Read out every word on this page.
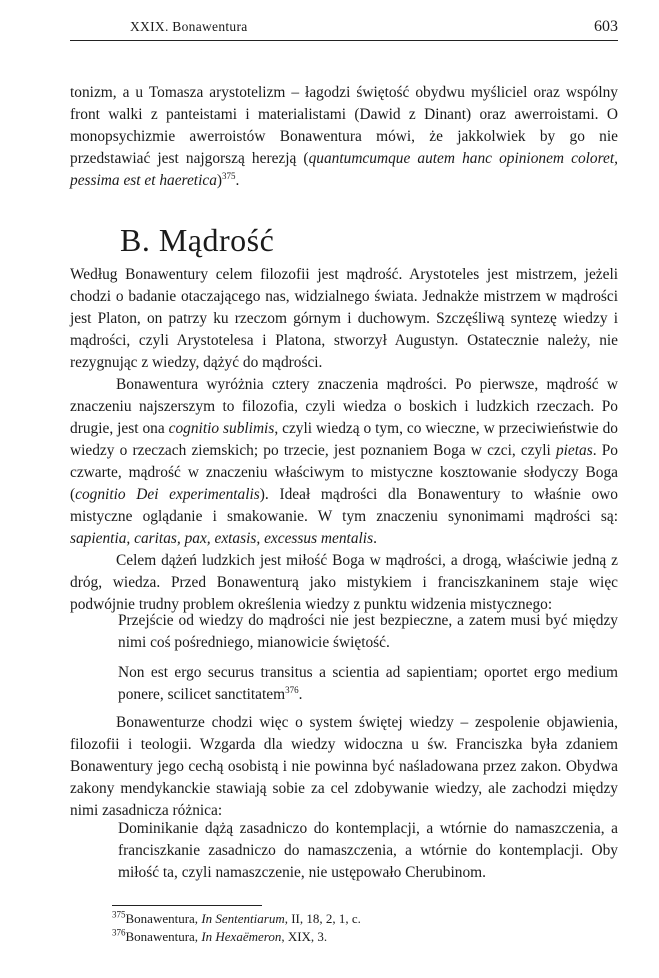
XXIX. Bonawentura	603

tonizm, a u Tomasza arystotelizm – łagodzi świętość obydwu myśliciel oraz wspólny front walki z panteistami i materialistami (Dawid z Dinant) oraz awerroistami. O monopsychizmie awerroistów Bonawentura mówi, że jakkolwiek by go nie przedstawiać jest najgorszą herezją (quantumcumque autem hanc opinionem coloret, pessima est et haeretica)$^{375}$.

B. Mądrość

Według Bonawentury celem filozofii jest mądrość. Arystoteles jest mistrzem, jeżeli chodzi o badanie otaczającego nas, widzialnego świata. Jednakże mistrzem w mądrości jest Platon, on patrzy ku rzeczom górnym i duchowym. Szczęśliwą syntezę wiedzy i mądrości, czyli Arystotelesa i Platona, stworzył Augustyn. Ostatecznie należy, nie rezygnując z wiedzy, dążyć do mądrości.

Bonawentura wyróżnia cztery znaczenia mądrości. Po pierwsze, mądrość w znaczeniu najszerszym to filozofia, czyli wiedza o boskich i ludzkich rzeczach. Po drugie, jest ona cognitio sublimis, czyli wiedzą o tym, co wieczne, w przeciwieństwie do wiedzy o rzeczach ziemskich; po trzecie, jest poznaniem Boga w czci, czyli pietas. Po czwarte, mądrość w znaczeniu właściwym to mistyczne kosztowanie słodyczy Boga (cognitio Dei experimentalis). Ideał mądrości dla Bonawentury to właśnie owo mistyczne oglądanie i smakowanie. W tym znaczeniu synonimami mądrości są: sapientia, caritas, pax, extasis, excessus mentalis.

Celem dążeń ludzkich jest miłość Boga w mądrości, a drogą, właściwie jedną z dróg, wiedza. Przed Bonawenturą jako mistykiem i franciszkaninem staje więc podwójnie trudny problem określenia wiedzy z punktu widzenia mistycznego:

Przejście od wiedzy do mądrości nie jest bezpieczne, a zatem musi być między nimi coś pośredniego, mianowicie świętość.

Non est ergo securus transitus a scientia ad sapientiam; oportet ergo medium ponere, scilicet sanctitatem$^{376}$.

Bonawenturze chodzi więc o system świętej wiedzy – zespolenie objawienia, filozofii i teologii. Wzgarda dla wiedzy widoczna u św. Franciszka była zdaniem Bonawentury jego cechą osobistą i nie powinna być naśladowana przez zakon. Obydwa zakony mendykanckie stawiają sobie za cel zdobywanie wiedzy, ale zachodzi między nimi zasadnicza różnica:

Dominikanie dążą zasadniczo do kontemplacji, a wtórnie do namaszczenia, a franciszkanie zasadniczo do namaszczenia, a wtórnie do kontemplacji. Oby miłość ta, czyli namaszczenie, nie ustępowało Cherubinom.

$^{375}$Bonawentura, In Sententiarum, II, 18, 2, 1, c.

$^{376}$Bonawentura, In Hexaëmeron, XIX, 3.
